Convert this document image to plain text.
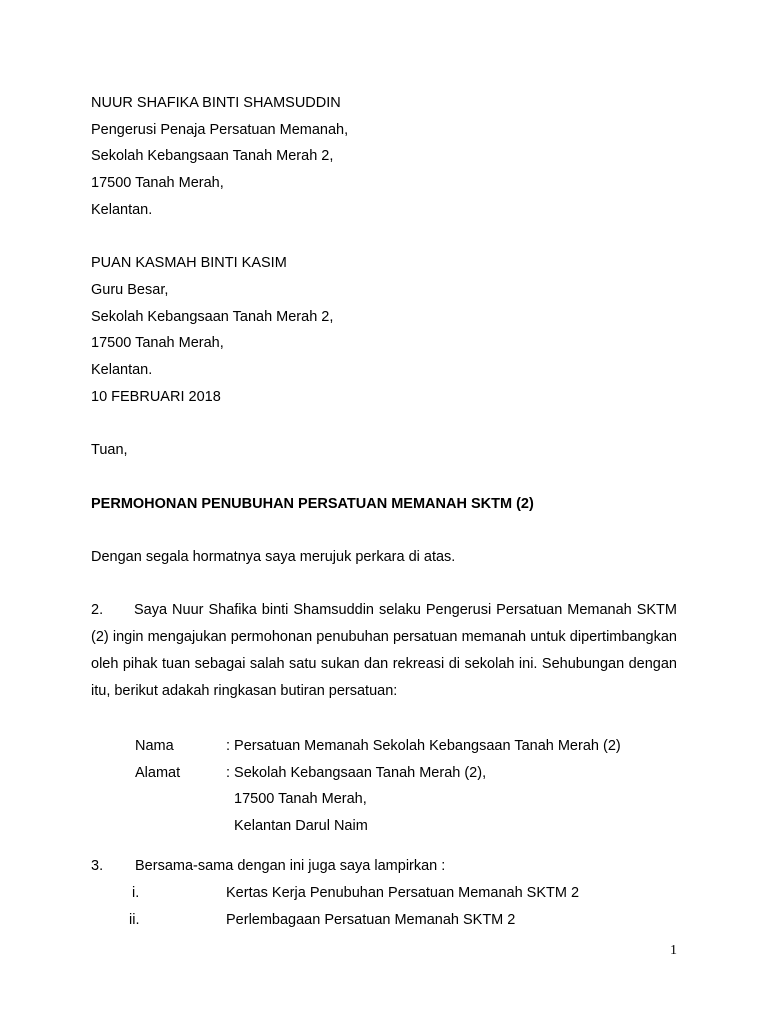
NUUR SHAFIKA BINTI SHAMSUDDIN
Pengerusi Penaja Persatuan Memanah,
Sekolah Kebangsaan Tanah Merah 2,
17500 Tanah Merah,
Kelantan.
PUAN KASMAH BINTI KASIM
Guru Besar,
Sekolah Kebangsaan Tanah Merah 2,
17500 Tanah Merah,
Kelantan.
10 FEBRUARI 2018
Tuan,
PERMOHONAN PENUBUHAN PERSATUAN MEMANAH SKTM (2)
Dengan segala hormatnya saya merujuk perkara di atas.
2. Saya Nuur Shafika binti Shamsuddin selaku Pengerusi Persatuan Memanah SKTM (2) ingin mengajukan permohonan penubuhan persatuan memanah untuk dipertimbangkan oleh pihak tuan sebagai salah satu sukan dan rekreasi di sekolah ini. Sehubungan dengan itu, berikut adakah ringkasan butiran persatuan:
Nama	: Persatuan Memanah Sekolah Kebangsaan Tanah Merah (2)
Alamat	: Sekolah Kebangsaan Tanah Merah (2),
17500 Tanah Merah,
Kelantan Darul Naim
3. Bersama-sama dengan ini juga saya lampirkan :
i.	Kertas Kerja Penubuhan Persatuan Memanah SKTM 2
ii.	Perlembagaan Persatuan Memanah SKTM 2
1
